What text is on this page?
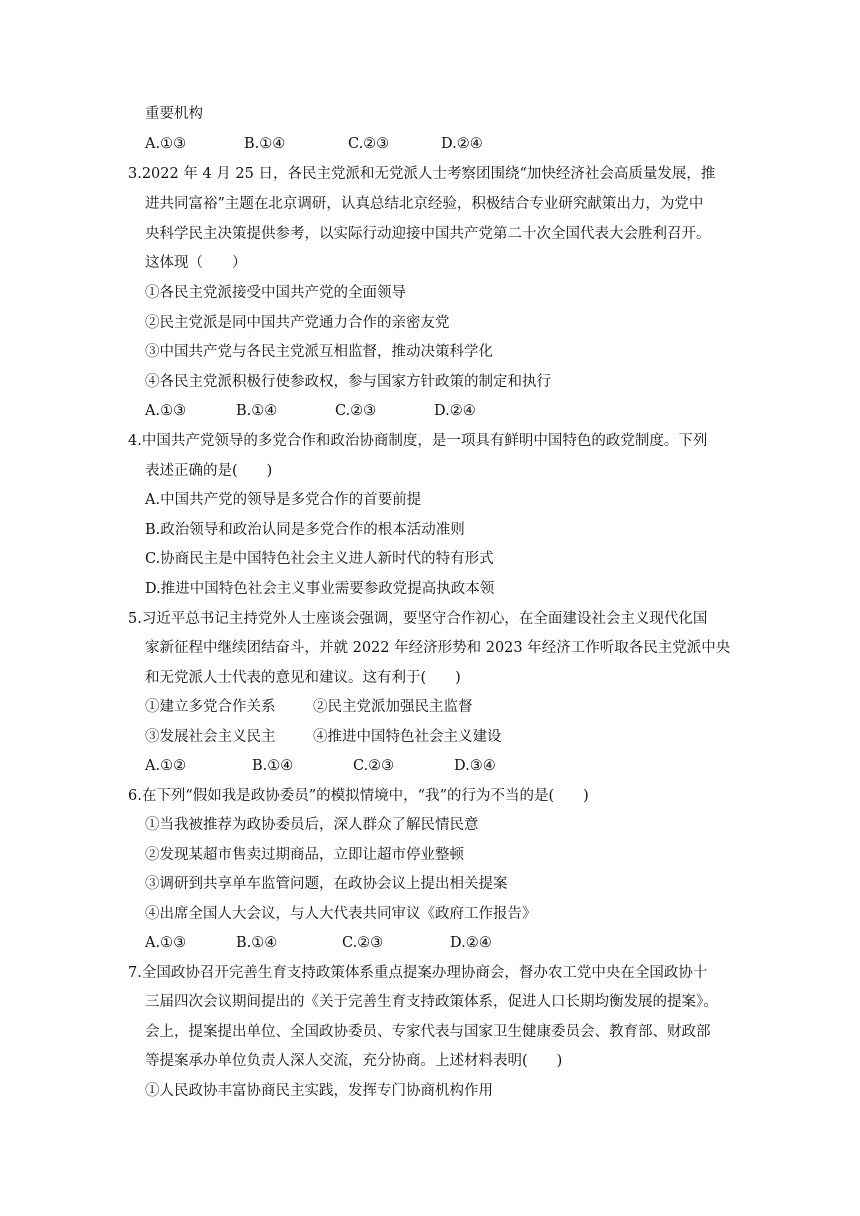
重要机构
A.①③	B.①④	C.②③	D.②④
3.2022 年 4 月 25 日，各民主党派和无党派人士考察团围绕“加快经济社会高质量发展，推
进共同富裕”主题在北京调研，认真总结北京经验，积极结合专业研究献策出力，为党中
央科学民主决策提供参考，以实际行动迎接中国共产党第二十次全国代表大会胜利召开。
这体现（　　）
①各民主党派接受中国共产党的全面领导
②民主党派是同中国共产党通力合作的亲密友党
③中国共产党与各民主党派互相监督，推动决策科学化
④各民主党派积极行使参政权，参与国家方针政策的制定和执行
A.①③	B.①④	C.②③	D.②④
4.中国共产党领导的多党合作和政治协商制度，是一项具有鲜明中国特色的政党制度。下列
表述正确的是(　　)
A.中国共产党的领导是多党合作的首要前提
B.政治领导和政治认同是多党合作的根本活动准则
C.协商民主是中国特色社会主义进人新时代的特有形式
D.推进中国特色社会主义事业需要参政党提高执政本领
5.习近平总书记主持党外人士座谈会强调，要坚守合作初心，在全面建设社会主义现代化国
家新征程中继续团结奋斗，并就 2022 年经济形势和 2023 年经济工作听取各民主党派中央
和无党派人士代表的意见和建议。这有利于(　　)
①建立多党合作关系	②民主党派加强民主监督
③发展社会主义民主	④推进中国特色社会主义建设
A.①②	B.①④	C.②③	D.③④
6.在下列“假如我是政协委员”的模拟情境中，“我”的行为不当的是(　　)
①当我被推荐为政协委员后，深人群众了解民情民意
②发现某超市售卖过期商品，立即让超市停业整顿
③调研到共享单车监管问题，在政协会议上提出相关提案
④出席全国人大会议，与人大代表共同审议《政府工作报告》
A.①③	B.①④	C.②③	D.②④
7.全国政协召开完善生育支持政策体系重点提案办理协商会，督办农工党中央在全国政协十
三届四次会议期间提出的《关于完善生育支持政策体系，促进人口长期均衡发展的提案》。
会上，提案提出单位、全国政协委员、专家代表与国家卫生健康委员会、教育部、财政部
等提案承办单位负责人深人交流，充分协商。上述材料表明(　　)
①人民政协丰富协商民主实践，发挥专门协商机构作用
